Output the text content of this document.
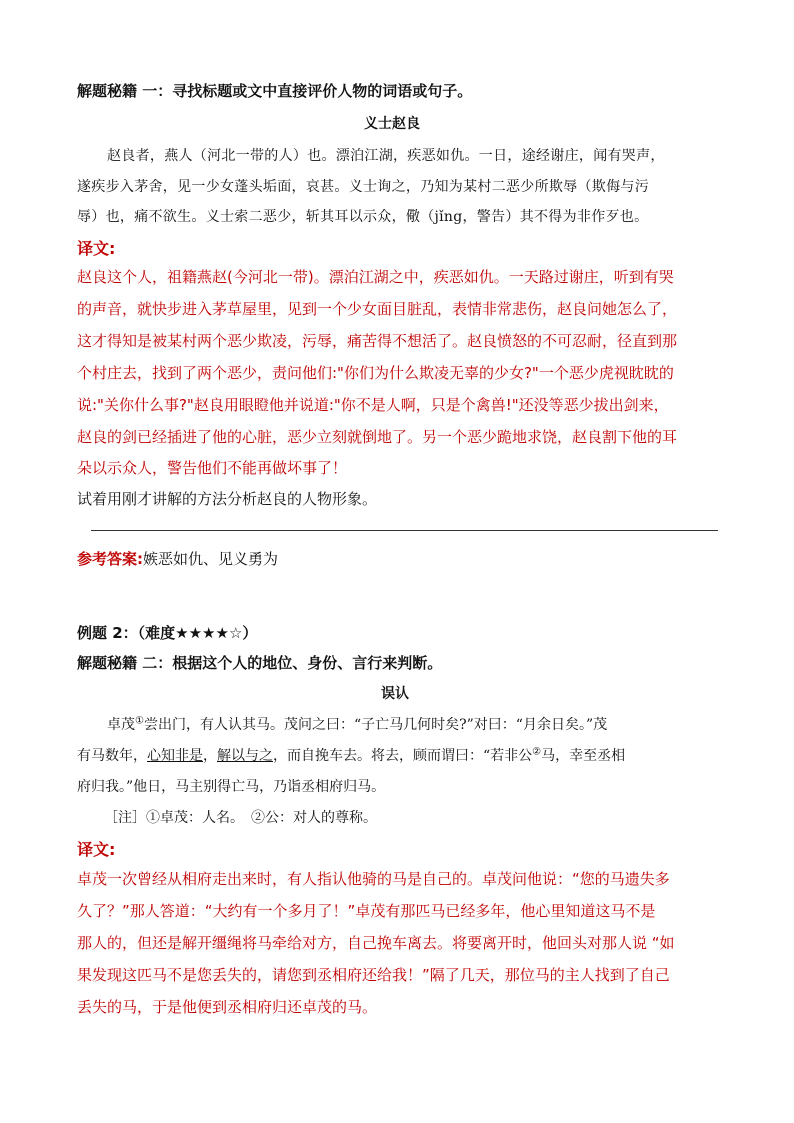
解题秘籍 一：寻找标题或文中直接评价人物的词语或句子。
义士赵良
赵良者，燕人（河北一带的人）也。漂泊江湖，疾恶如仇。一日，途经谢庄，闻有哭声，
遂疾步入茅舍，见一少女蓬头垢面，哀甚。义士询之，乃知为某村二恶少所欺辱（欺侮与污
辱）也，痛不欲生。义士索二恶少，斩其耳以示众，儆（jǐng，警告）其不得为非作歹也。
译文:
赵良这个人，祖籍燕赵(今河北一带)。漂泊江湖之中，疾恶如仇。一天路过谢庄，听到有哭
的声音，就快步进入茅草屋里，见到一个少女面目脏乱，表情非常悲伤，赵良问她怎么了，
这才得知是被某村两个恶少欺凌，污辱，痛苦得不想活了。赵良愤怒的不可忍耐，径直到那
个村庄去，找到了两个恶少，责问他们:"你们为什么欺凌无辜的少女?"一个恶少虎视眈眈的
说:"关你什么事?"赵良用眼瞪他并说道:"你不是人啊，只是个禽兽!"还没等恶少拔出剑来，
赵良的剑已经插进了他的心脏，恶少立刻就倒地了。另一个恶少跪地求饶，赵良割下他的耳
朵以示众人，警告他们不能再做坏事了！
试着用刚才讲解的方法分析赵良的人物形象。
参考答案:嫉恶如仇、见义勇为
例题 2：（难度★★★★☆）
解题秘籍 二：根据这个人的地位、身份、言行来判断。
误认
卓茂①尝出门，有人认其马。茂问之曰：“子亡马几何时矣?”对曰：“月余日矣。”茂
有马数年，心知非是，解以与之，而自挽车去。将去，顾而谓曰：“若非公②马，幸至丞相
府归我。”他日，马主别得亡马，乃诣丞相府归马。
［注］①卓茂：人名。　②公：对人的尊称。
译文:
卓茂一次曾经从相府走出来时，有人指认他骑的马是自己的。卓茂问他说：“您的马遗失多
久了？”那人答道：“大约有一个多月了！”卓茂有那匹马已经多年，他心里知道这马不是
那人的，但还是解开缰绳将马牵给对方，自己挽车离去。将要离开时，他回头对那人说 “如
果发现这匹马不是您丢失的，请您到丞相府还给我！”隔了几天，那位马的主人找到了自己
丢失的马，于是他便到丞相府归还卓茂的马。
